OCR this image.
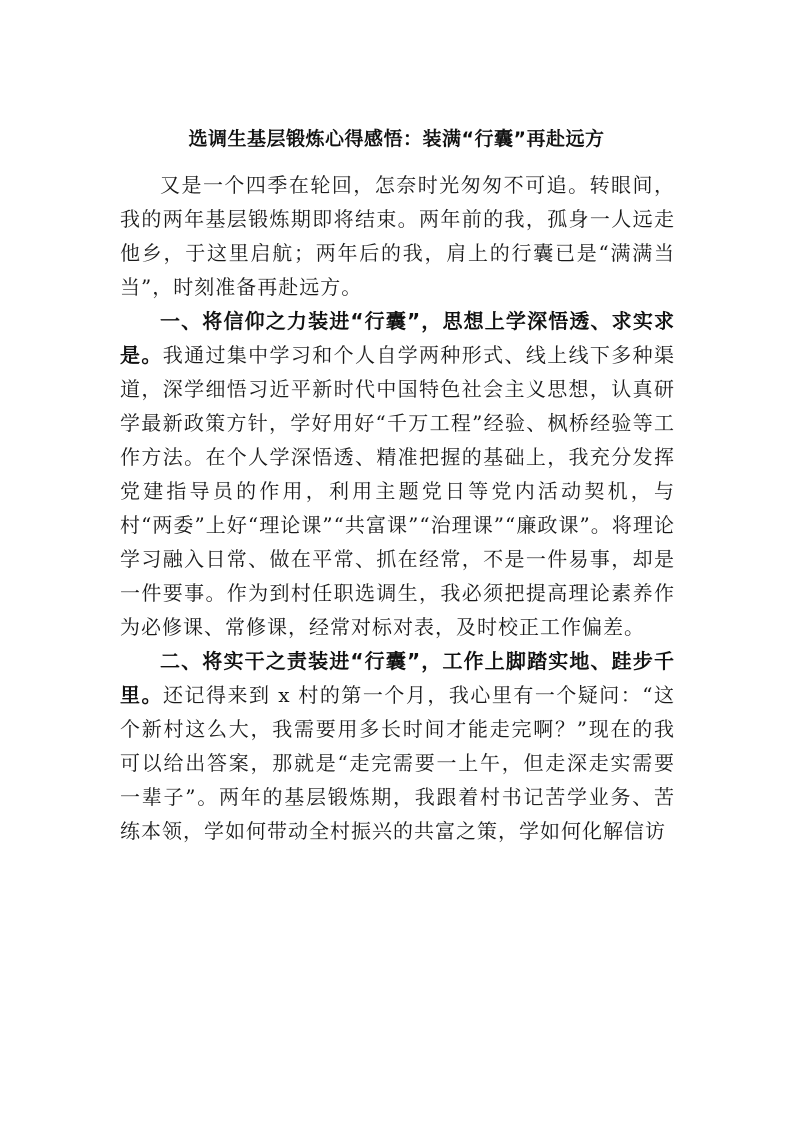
选调生基层锻炼心得感悟：装满“行囊”再赴远方

又是一个四季在轮回，怎奈时光匆匆不可追。转眼间，我的两年基层锻炼期即将结束。两年前的我，孤身一人远走他乡，于这里启航；两年后的我，肩上的行囊已是“满满当当”，时刻准备再赴远方。

一、将信仰之力装进“行囊”，思想上学深悟透、求实求是。我通过集中学习和个人自学两种形式、线上线下多种渠道，深学细悟习近平新时代中国特色社会主义思想，认真研学最新政策方针，学好用好“千万工程”经验、枫桥经验等工作方法。在个人学深悟透、精准把握的基础上，我充分发挥党建指导员的作用，利用主题党日等党内活动契机，与村“两委”上好“理论课”“共富课”“治理课”“廉政课”。将理论学习融入日常、做在平常、抓在经常，不是一件易事，却是一件要事。作为到村任职选调生，我必须把提高理论素养作为必修课、常修课，经常对标对表，及时校正工作偏差。

二、将实干之责装进“行囊”，工作上脚踏实地、跬步千里。还记得来到 x 村的第一个月，我心里有一个疑问：“这个新村这么大，我需要用多长时间才能走完啊？”现在的我可以给出答案，那就是“走完需要一上午，但走深走实需要一辈子”。两年的基层锻炼期，我跟着村书记苦学业务、苦练本领，学如何带动全村振兴的共富之策，学如何化解信访
